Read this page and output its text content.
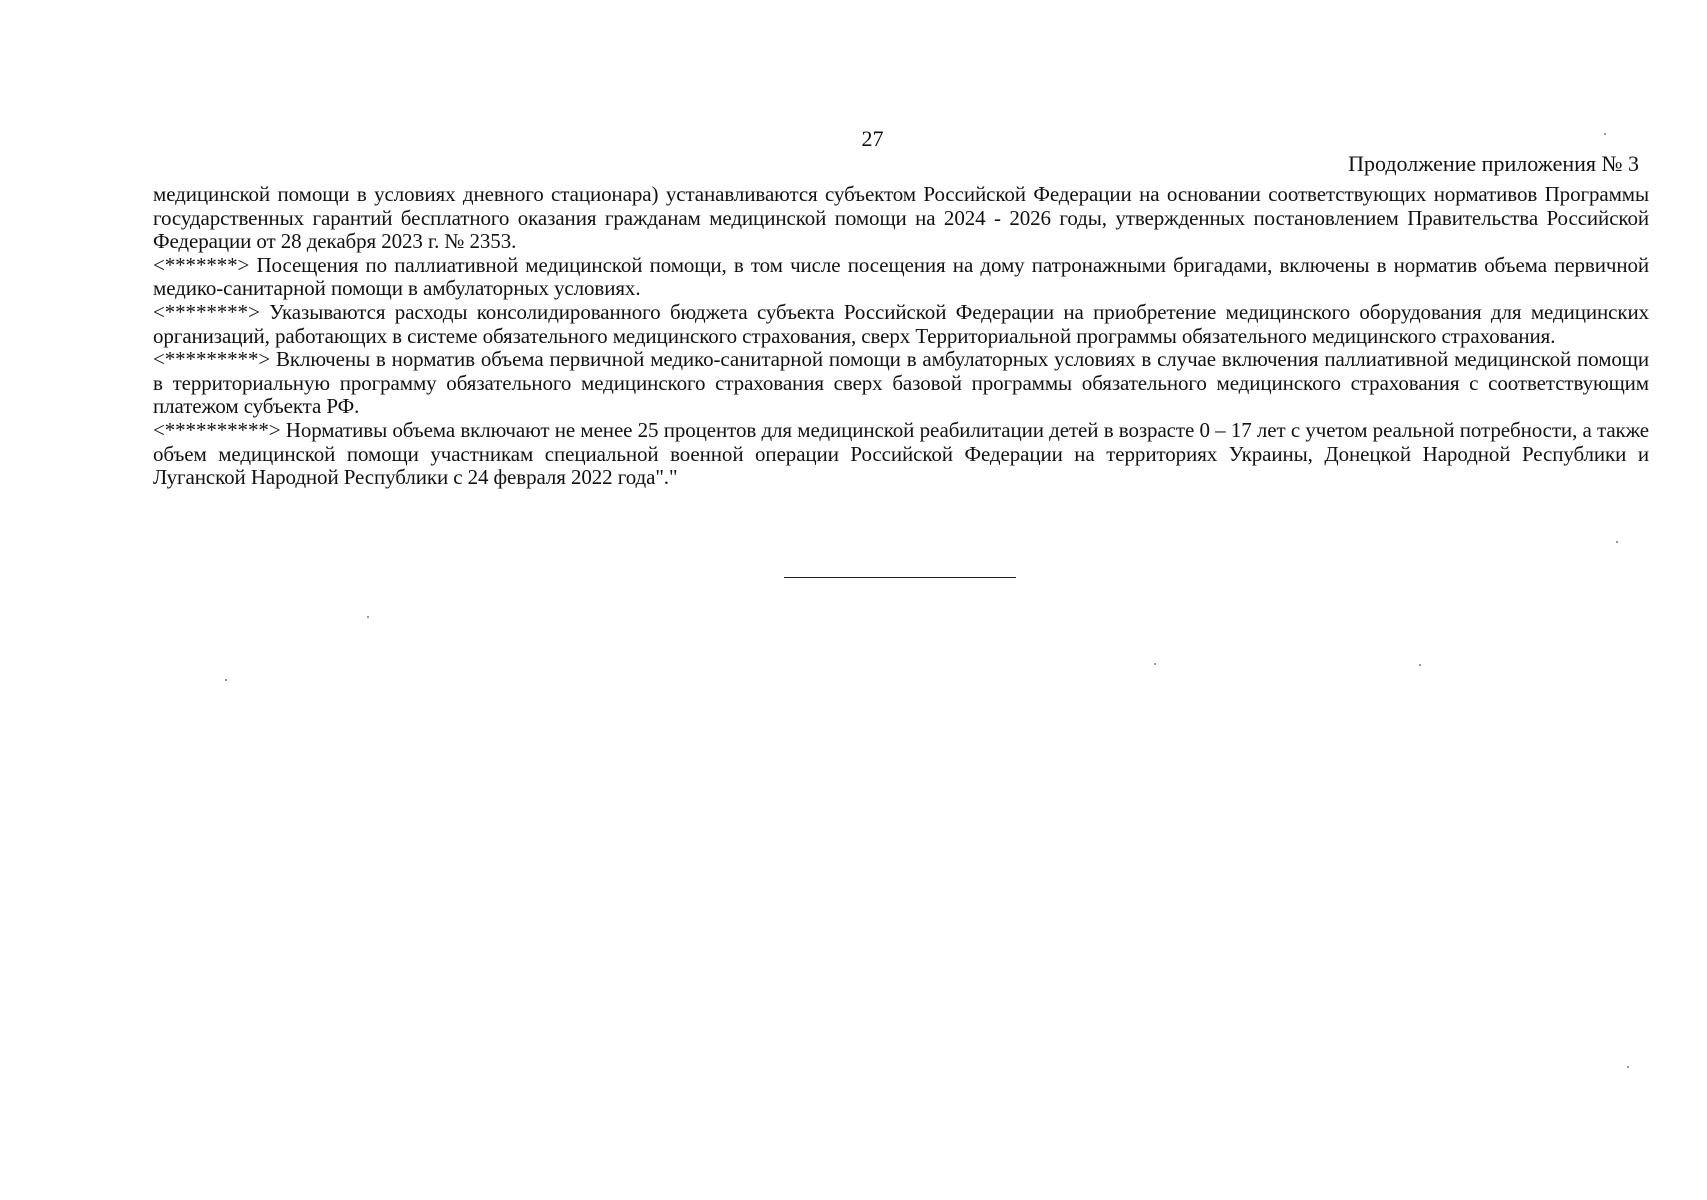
27
Продолжение приложения № 3

медицинской помощи в условиях дневного стационара) устанавливаются субъектом Российской Федерации на основании соответствующих нормативов Программы государственных гарантий бесплатного оказания гражданам медицинской помощи на 2024 - 2026 годы, утвержденных постановлением Правительства Российской Федерации от 28 декабря 2023 г. № 2353.

<*******> Посещения по паллиативной медицинской помощи, в том числе посещения на дому патронажными бригадами, включены в норматив объема первичной медико-санитарной помощи в амбулаторных условиях.

<********> Указываются расходы консолидированного бюджета субъекта Российской Федерации на приобретение медицинского оборудования для медицинских организаций, работающих в системе обязательного медицинского страхования, сверх Территориальной программы обязательного медицинского страхования.

<*********> Включены в норматив объема первичной медико-санитарной помощи в амбулаторных условиях в случае включения паллиативной медицинской помощи в территориальную программу обязательного медицинского страхования сверх базовой программы обязательного медицинского страхования с соответствующим платежом субъекта РФ.

<**********> Нормативы объема включают не менее 25 процентов для медицинской реабилитации детей в возрасте 0 – 17 лет с учетом реальной потребности, а также объем медицинской помощи участникам специальной военной операции Российской Федерации на территориях Украины, Донецкой Народной Республики и Луганской Народной Республики с 24 февраля 2022 года"."
